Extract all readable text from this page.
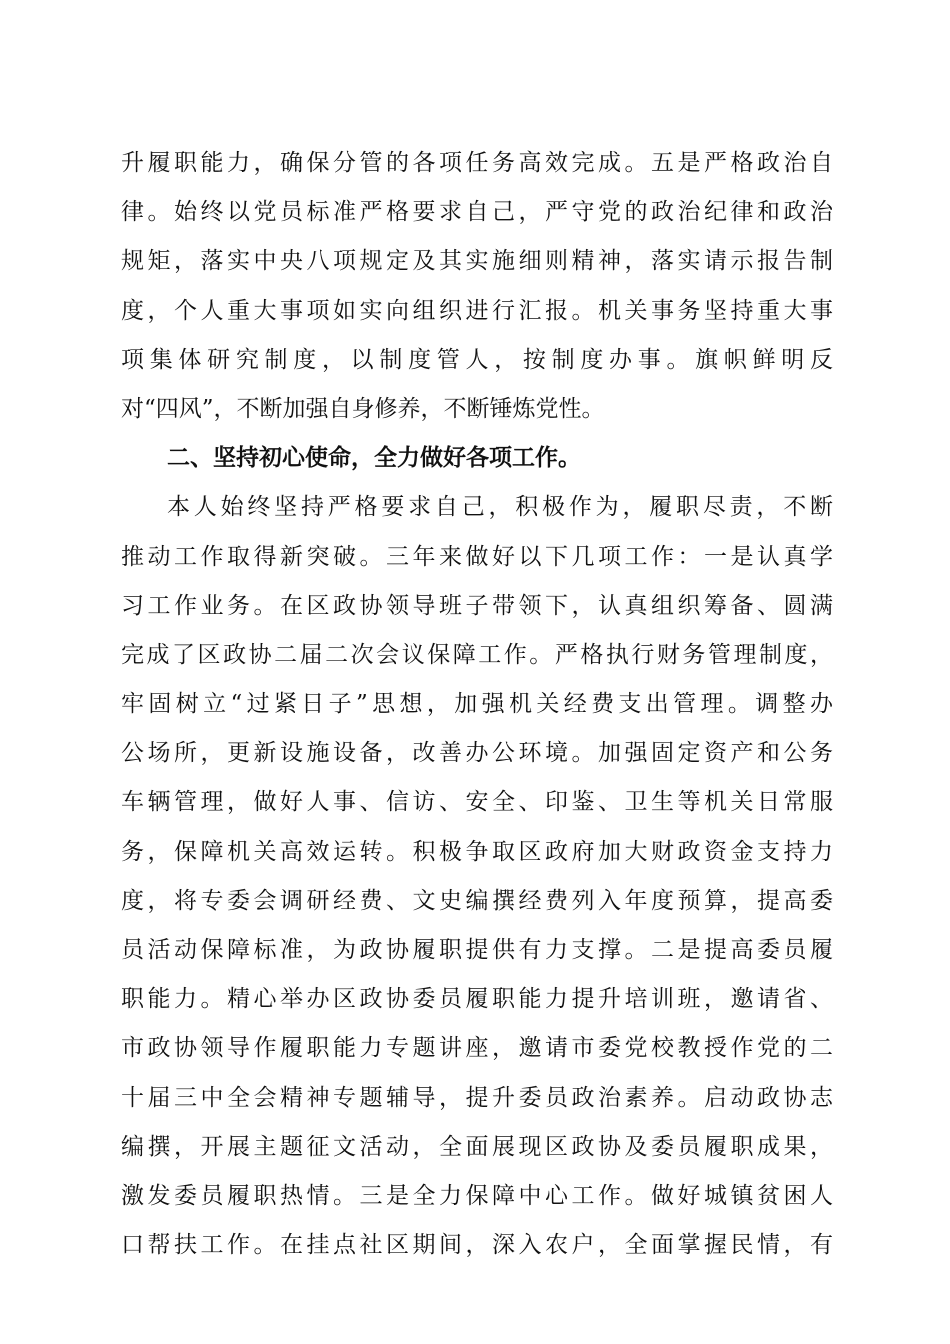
升履职能力，确保分管的各项任务高效完成。五是严格政治自
律。始终以党员标准严格要求自己，严守党的政治纪律和政治
规矩，落实中央八项规定及其实施细则精神，落实请示报告制
度，个人重大事项如实向组织进行汇报。机关事务坚持重大事
项集体研究制度，以制度管人，按制度办事。旗帜鲜明反
对“四风”，不断加强自身修养，不断锤炼党性。
二、坚持初心使命，全力做好各项工作。
本人始终坚持严格要求自己，积极作为，履职尽责，不断
推动工作取得新突破。三年来做好以下几项工作：一是认真学
习工作业务。在区政协领导班子带领下，认真组织筹备、圆满
完成了区政协二届二次会议保障工作。严格执行财务管理制度，
牢固树立“过紧日子”思想，加强机关经费支出管理。调整办
公场所，更新设施设备，改善办公环境。加强固定资产和公务
车辆管理，做好人事、信访、安全、印鉴、卫生等机关日常服
务，保障机关高效运转。积极争取区政府加大财政资金支持力
度，将专委会调研经费、文史编撰经费列入年度预算，提高委
员活动保障标准，为政协履职提供有力支撑。二是提高委员履
职能力。精心举办区政协委员履职能力提升培训班，邀请省、
市政协领导作履职能力专题讲座，邀请市委党校教授作党的二
十届三中全会精神专题辅导，提升委员政治素养。启动政协志
编撰，开展主题征文活动，全面展现区政协及委员履职成果，
激发委员履职热情。三是全力保障中心工作。做好城镇贫困人
口帮扶工作。在挂点社区期间，深入农户，全面掌握民情，有
